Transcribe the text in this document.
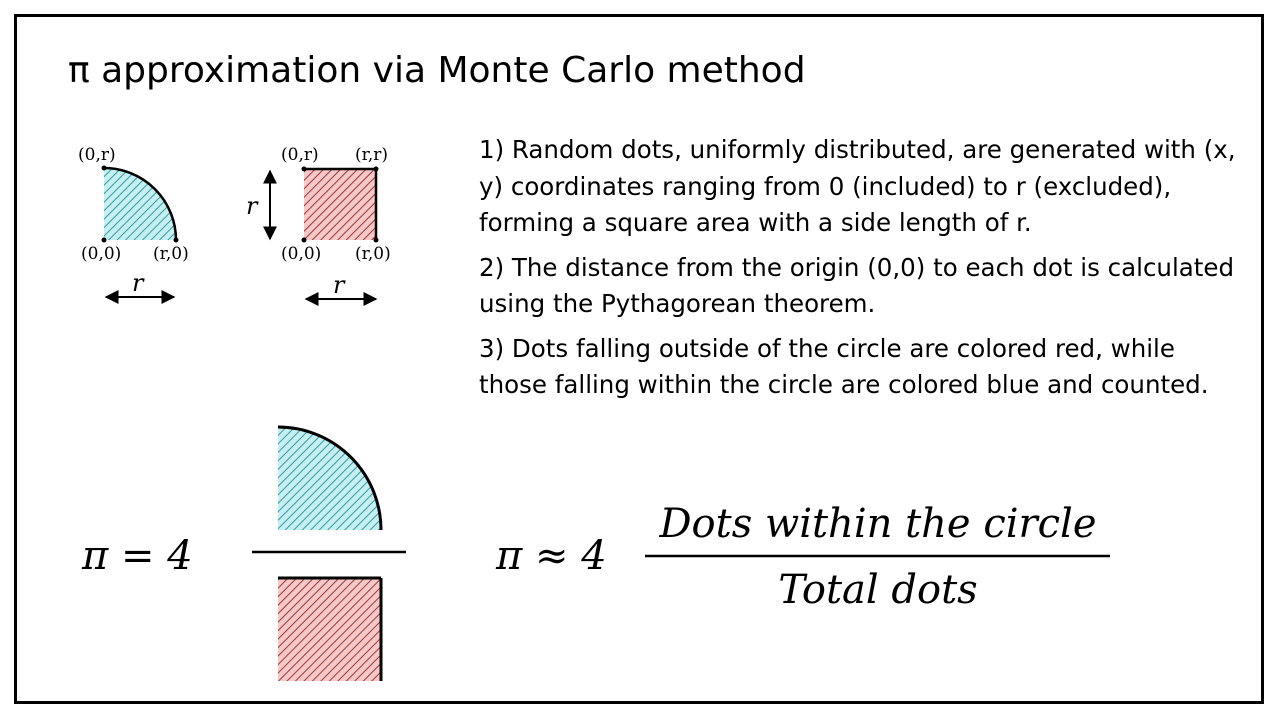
π approximation via Monte Carlo method

1) Random dots, uniformly distributed, are generated with (x, y) coordinates ranging from 0 (included) to r (excluded), forming a square area with a side length of r.

2) The distance from the origin (0,0) to each dot is calculated using the Pythagorean theorem.

3) Dots falling outside of the circle are colored red, while those falling within the circle are colored blue and counted.

(0,r)
(0,0) (r,0)
r
(0,r) (r,r)
(0,0) (r,0)
r
r
π = 4	π ≈ 4
Dots within the circle
Total dots
